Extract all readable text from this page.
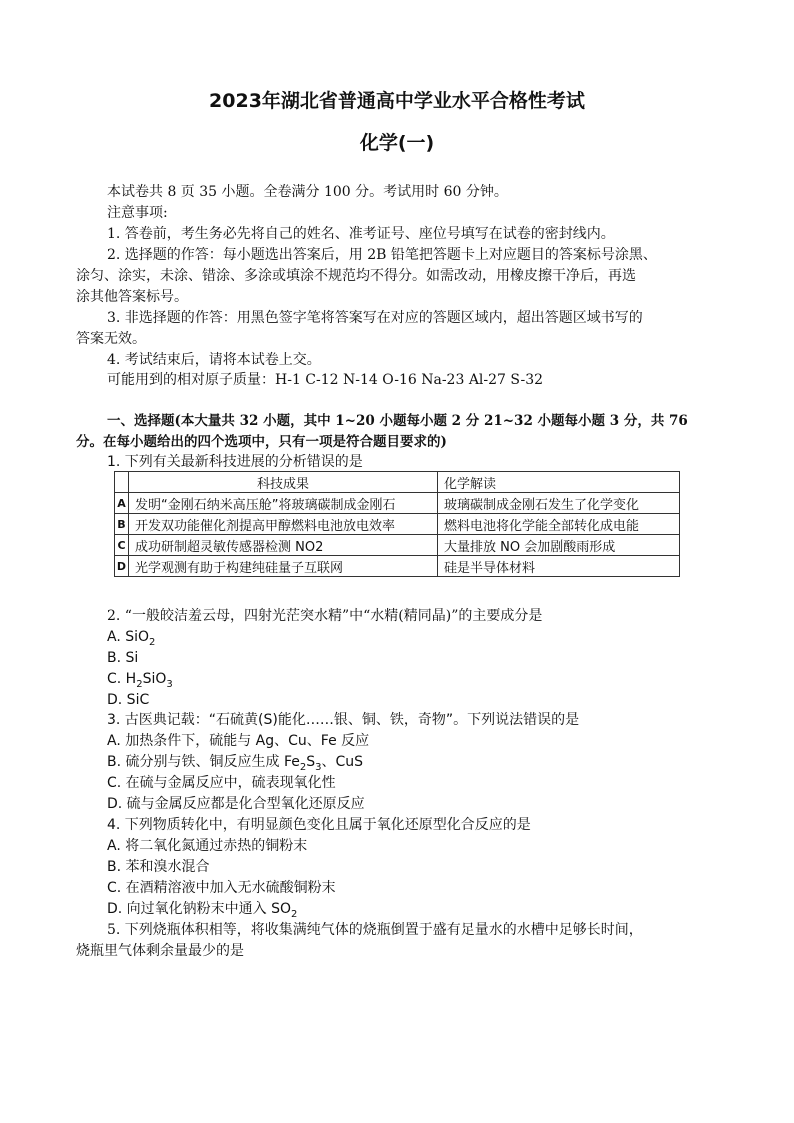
2023年湖北省普通高中学业水平合格性考试
化学(一)
本试卷共 8 页 35 小题。全卷满分 100 分。考试用时 60 分钟。
注意事项:
1. 答卷前，考生务必先将自己的姓名、准考证号、座位号填写在试卷的密封线内。
2. 选择题的作答：每小题选出答案后，用 2B 铅笔把答题卡上对应题目的答案标号涂黑、
涂匀、涂实，未涂、错涂、多涂或填涂不规范均不得分。如需改动，用橡皮擦干净后，再选
涂其他答案标号。
3. 非选择题的作答：用黑色签字笔将答案写在对应的答题区域内，超出答题区域书写的
答案无效。
4. 考试结束后，请将本试卷上交。
可能用到的相对原子质量：H-1 C-12 N-14 O-16 Na-23 Al-27 S-32
一、选择题(本大量共 32 小题，其中 1~20 小题每小题 2 分 21~32 小题每小题 3 分，共 76
分。在每小题给出的四个选项中，只有一项是符合题目要求的)
1. 下列有关最新科技进展的分析错误的是
	科技成果	化学解读
A	发明“金刚石纳米高压舱”将玻璃碳制成金刚石	玻璃碳制成金刚石发生了化学变化
B	开发双功能催化剂提高甲醇燃料电池放电效率	燃料电池将化学能全部转化成电能
C	成功研制超灵敏传感器检测 NO2	大量排放 NO 会加剧酸雨形成
D	光学观测有助于构建纯硅量子互联网	硅是半导体材料
2. “一般皎洁羞云母，四射光茫突水精”中“水精(精同晶)”的主要成分是
A. SiO$_2$
B. Si
C. $H_2SiO_3$
D. SiC
3. 古医典记载：“石硫黄(S)能化……银、铜、铁，奇物”。下列说法错误的是
A. 加热条件下，硫能与 Ag、Cu、Fe 反应
B. 硫分别与铁、铜反应生成 $Fe_2S_3$、CuS
C. 在硫与金属反应中，硫表现氧化性
D. 硫与金属反应都是化合型氧化还原反应
4. 下列物质转化中，有明显颜色变化且属于氧化还原型化合反应的是
A. 将二氧化氮通过赤热的铜粉末
B. 苯和溴水混合
C. 在酒精溶液中加入无水硫酸铜粉末
D. 向过氧化钠粉末中通入 $SO_2$
5. 下列烧瓶体积相等，将收集满纯气体的烧瓶倒置于盛有足量水的水槽中足够长时间，
烧瓶里气体剩余量最少的是
